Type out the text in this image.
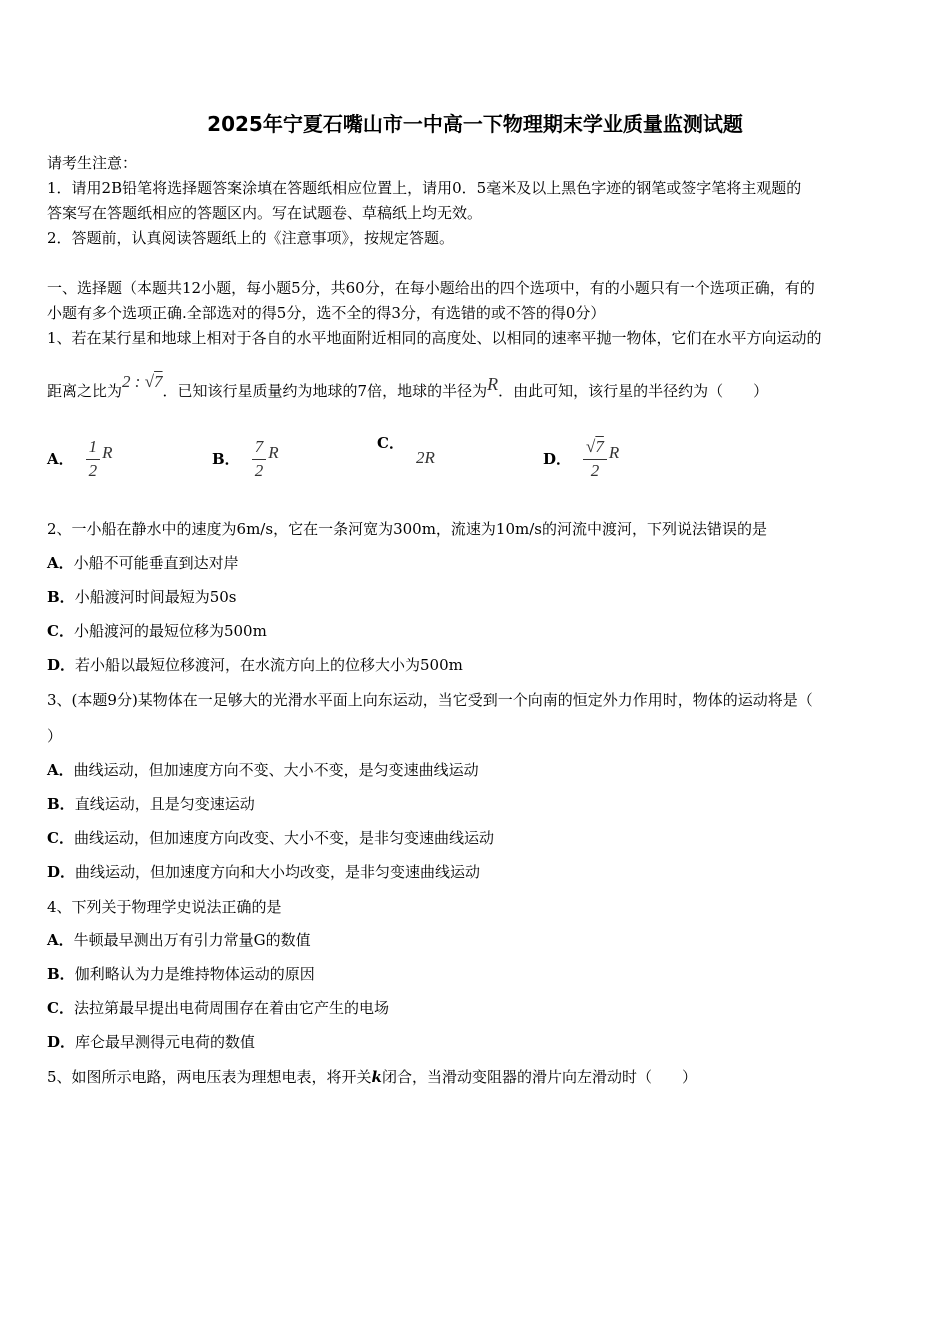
2025年宁夏石嘴山市一中高一下物理期末学业质量监测试题
请考生注意：
1．请用2B铅笔将选择题答案涂填在答题纸相应位置上，请用0．5毫米及以上黑色字迹的钢笔或签字笔将主观题的
答案写在答题纸相应的答题区内。写在试题卷、草稿纸上均无效。
2．答题前，认真阅读答题纸上的《注意事项》，按规定答题。
一、选择题（本题共12小题，每小题5分，共60分，在每小题给出的四个选项中，有的小题只有一个选项正确，有的
小题有多个选项正确.全部选对的得5分，选不全的得3分，有选错的或不答的得0分）
1、若在某行星和地球上相对于各自的水平地面附近相同的高度处、以相同的速率平抛一物体，它们在水平方向运动的
距离之比为2 : √7．已知该行星质量约为地球的7倍，地球的半径为R．由此可知，该行星的半径约为（　　）
A． $\frac{1}{2}$ R	B． $\frac{7}{2}$ R	C．
2R	D． $\frac{√7}{2}$ R
2、一小船在静水中的速度为6m/s，它在一条河宽为300m，流速为10m/s的河流中渡河，下列说法错误的是
A．小船不可能垂直到达对岸
B．小船渡河时间最短为50s
C．小船渡河的最短位移为500m
D．若小船以最短位移渡河，在水流方向上的位移大小为500m
3、(本题9分)某物体在一足够大的光滑水平面上向东运动，当它受到一个向南的恒定外力作用时，物体的运动将是（
）
A．曲线运动，但加速度方向不变、大小不变，是匀变速曲线运动
B．直线运动，且是匀变速运动
C．曲线运动，但加速度方向改变、大小不变，是非匀变速曲线运动
D．曲线运动，但加速度方向和大小均改变，是非匀变速曲线运动
4、下列关于物理学史说法正确的是
A．牛顿最早测出万有引力常量G的数值
B．伽利略认为力是维持物体运动的原因
C．法拉第最早提出电荷周围存在着由它产生的电场
D．库仑最早测得元电荷的数值
5、如图所示电路，两电压表为理想电表，将开关k闭合，当滑动变阻器的滑片向左滑动时（　　）
